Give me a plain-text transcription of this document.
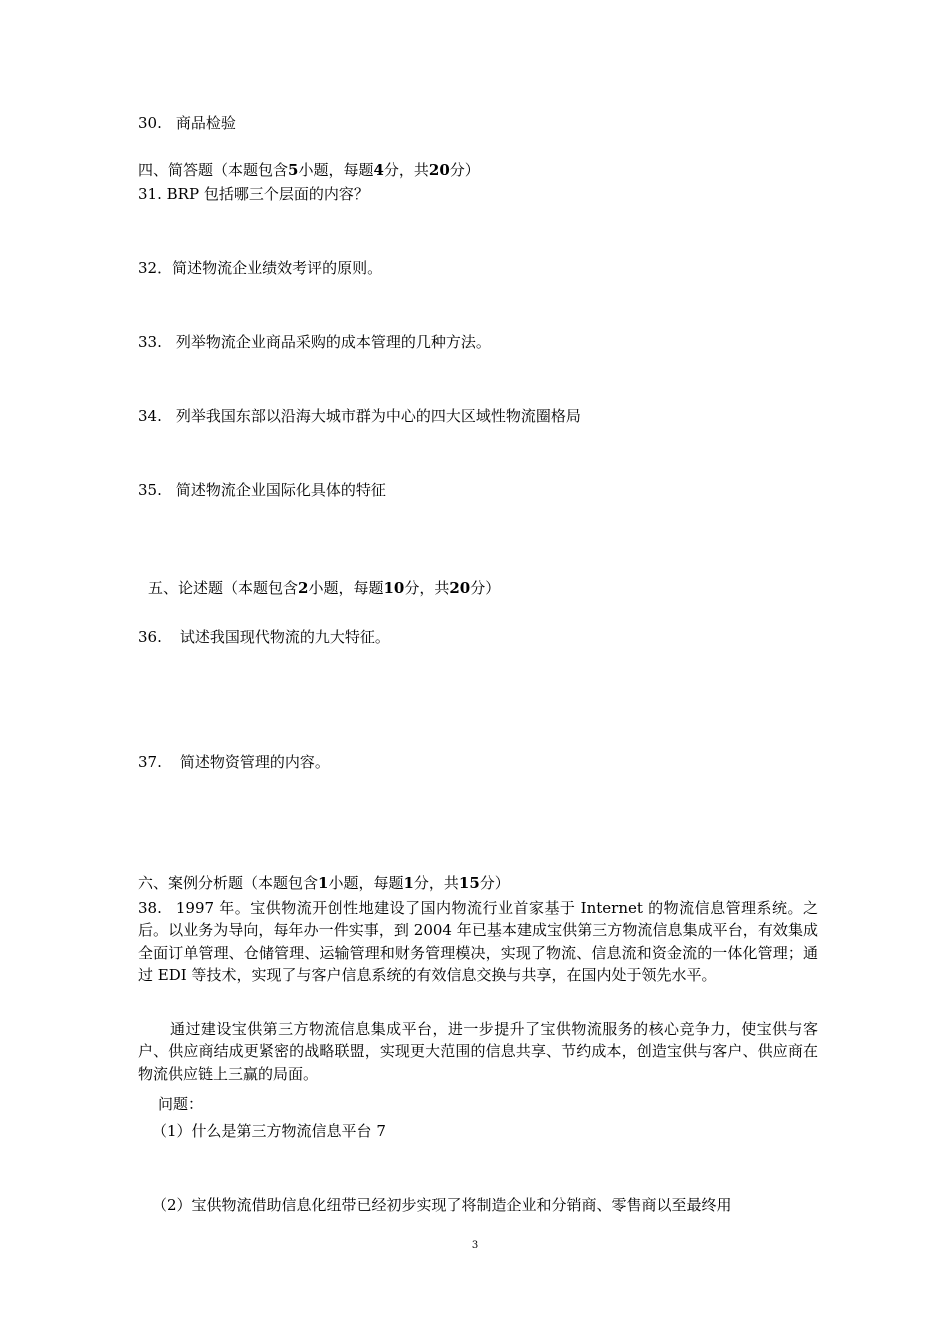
30. 商品检验
四、简答题（本题包含5小题，每题4分，共20分）
31. BRP 包括哪三个层面的内容？
32．简述物流企业绩效考评的原则。
33. 列举物流企业商品采购的成本管理的几种方法。
34. 列举我国东部以沿海大城市群为中心的四大区域性物流圈格局
35. 简述物流企业国际化具体的特征
五、论述题（本题包含2小题，每题10分，共20分）
36. 试述我国现代物流的九大特征。
37. 简述物资管理的内容。
六、案例分析题（本题包含1小题，每题1分，共15分）
38. 1997 年。宝供物流开创性地建设了国内物流行业首家基于 Internet 的物流信息管理系统。之后。以业务为导向，每年办一件实事，到 2004 年已基本建成宝供第三方物流信息集成平台，有效集成全面订单管理、仓储管理、运输管理和财务管理模决，实现了物流、信息流和资金流的一体化管理；通过 EDI 等技术，实现了与客户信息系统的有效信息交换与共享，在国内处于领先水平。
通过建设宝供第三方物流信息集成平台，进一步提升了宝供物流服务的核心竞争力，使宝供与客户、供应商结成更紧密的战略联盟，实现更大范围的信息共享、节约成本，创造宝供与客户、供应商在物流供应链上三赢的局面。
问题：
（1）什么是第三方物流信息平台 7
（2）宝供物流借助信息化纽带已经初步实现了将制造企业和分销商、零售商以至最终用
3
